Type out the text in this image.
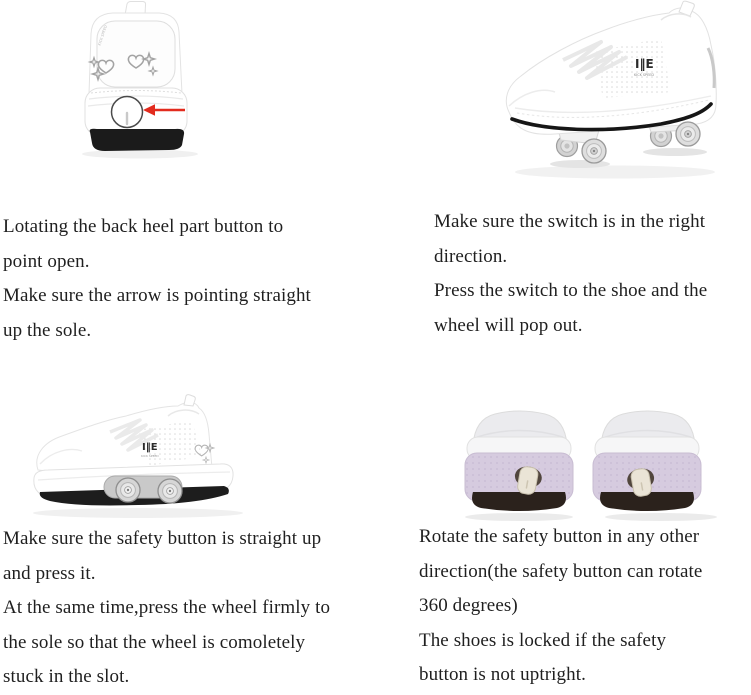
KICK SPEED
I‖E
KICK SPEED
Lotating the back heel part button to
point open.
Make sure the arrow is pointing straight
up the sole.
Make sure the switch is in the right
direction.
Press the switch to the shoe and the
wheel will pop out.
I‖E
KICK SPEED
Make sure the safety button is straight up
and press it.
At the same time,press the wheel firmly to
the sole so that the wheel is comoletely
stuck in the slot.
Rotate the safety button in any other
direction(the safety button can rotate
360 degrees)
The shoes is locked if the safety
button is not uptright.
